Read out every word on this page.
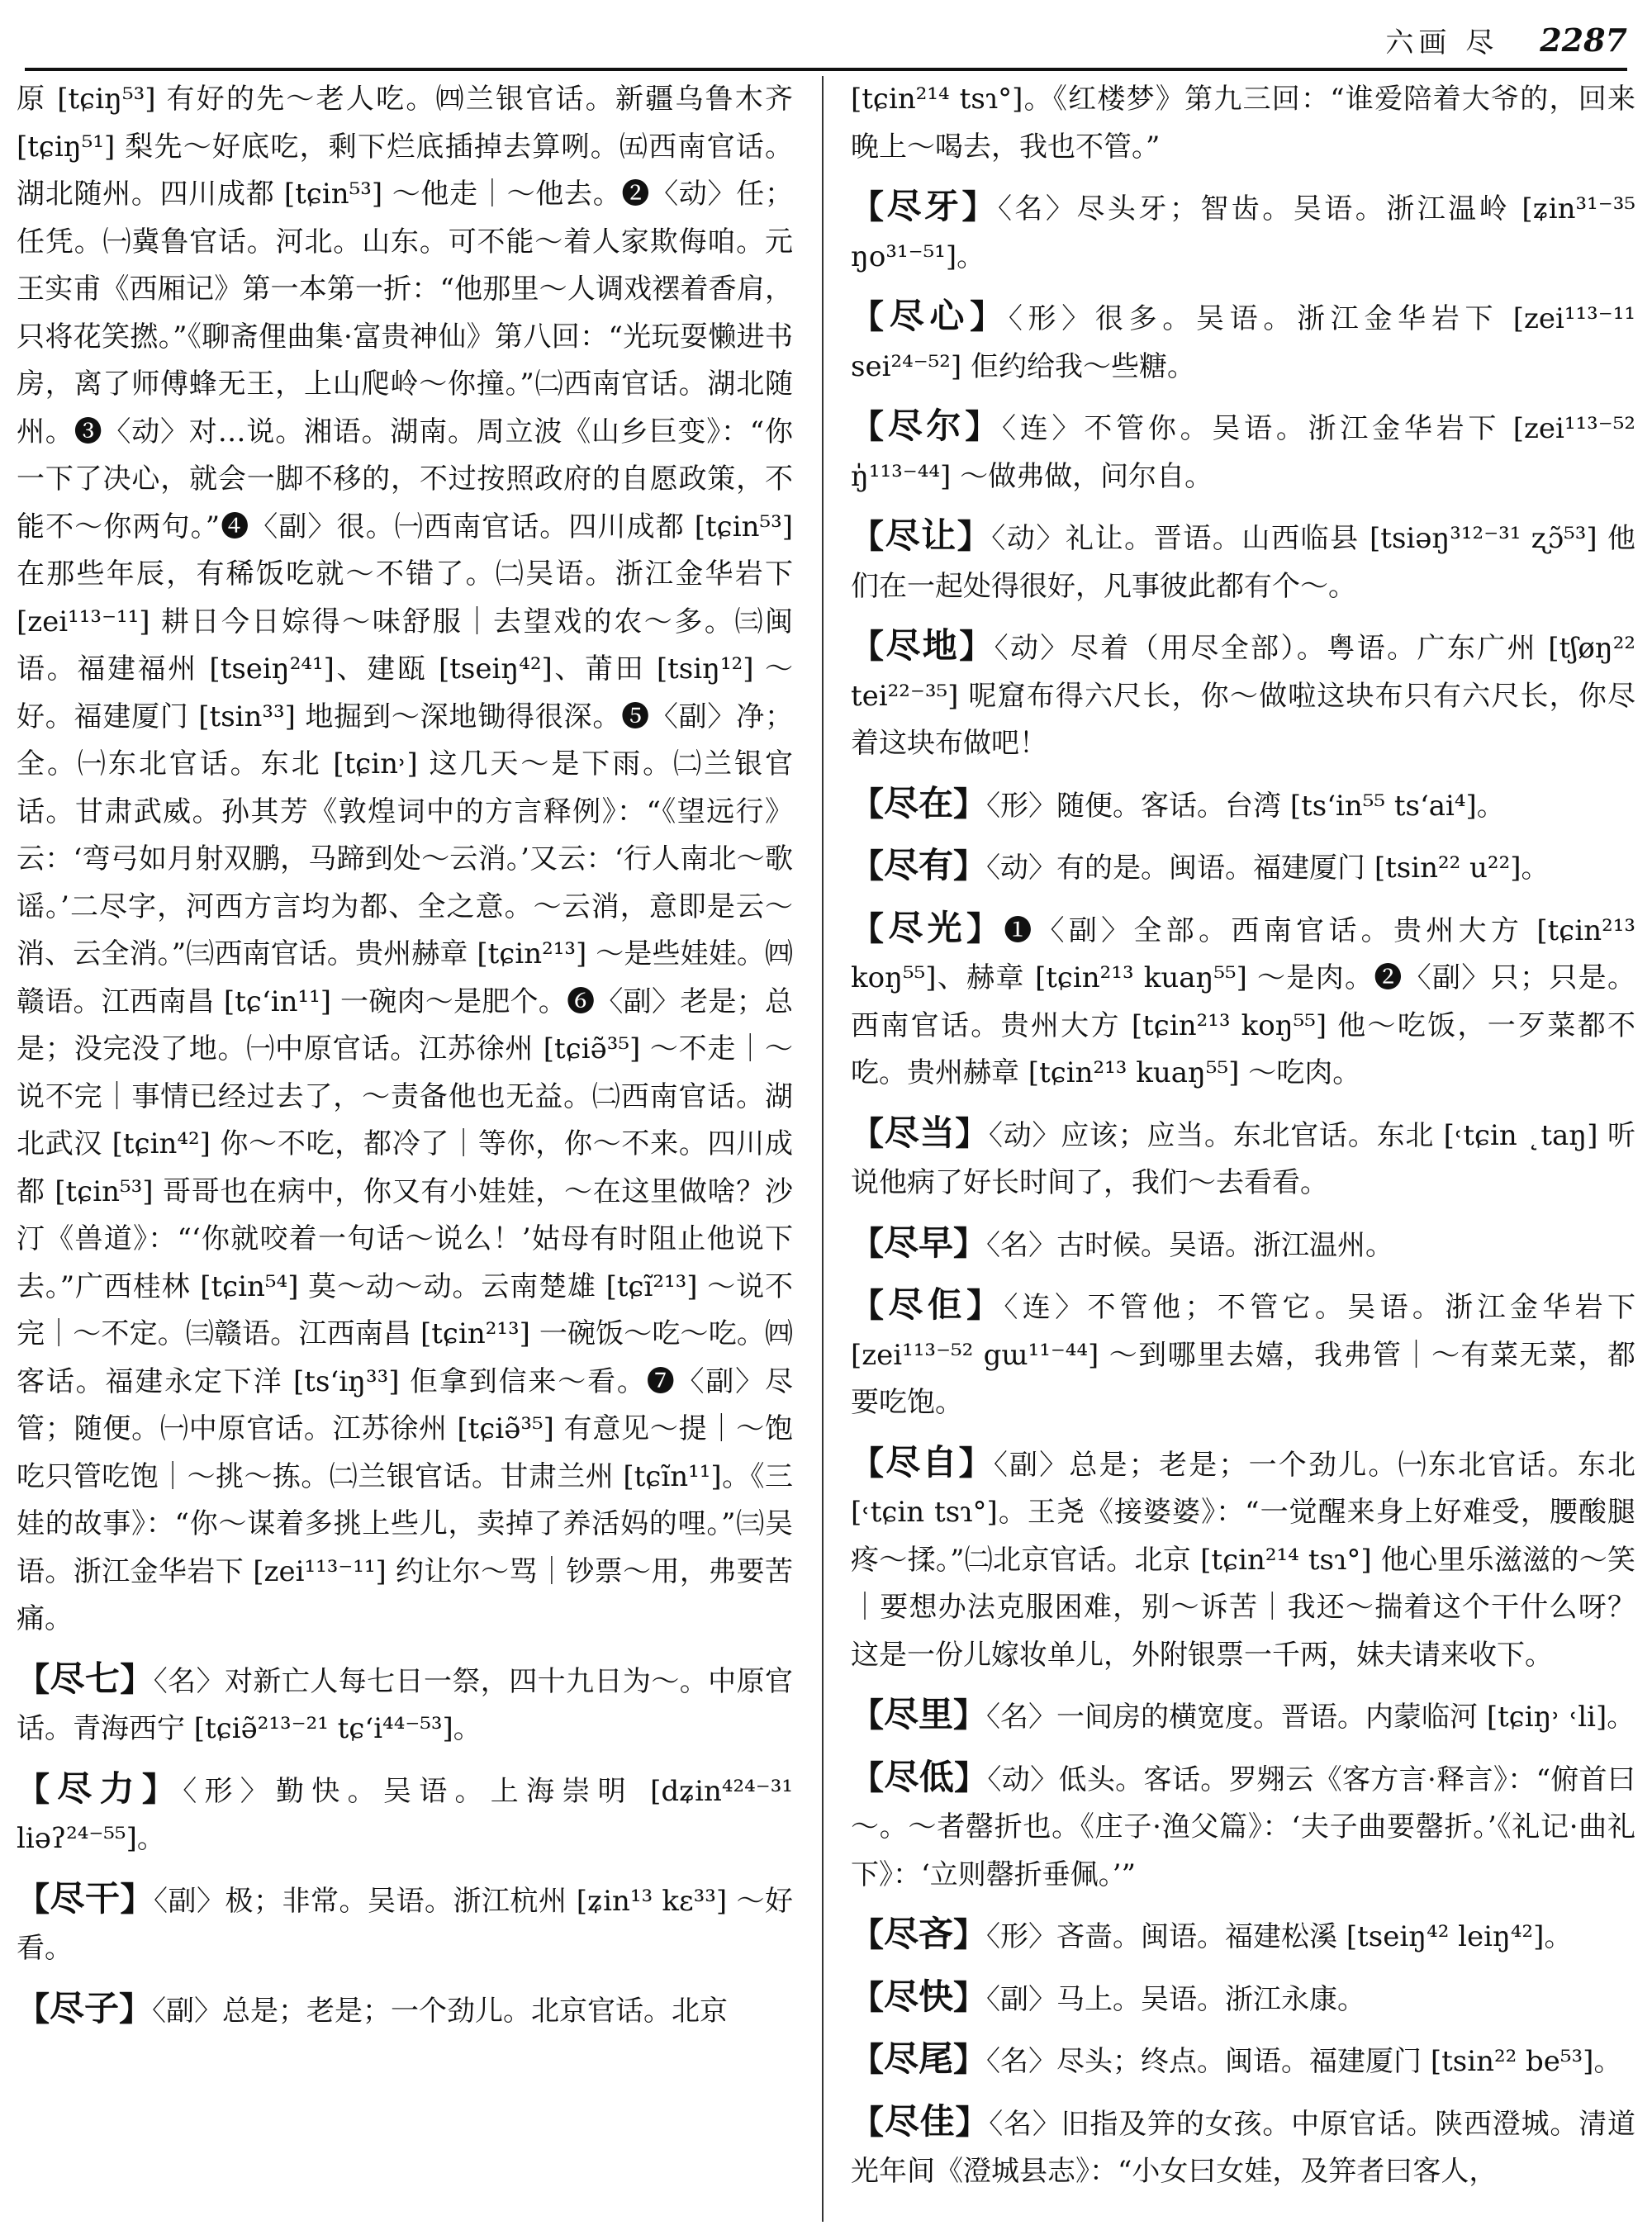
六画 尽 2287

原 [tɕiŋ⁵³] 有好的先～老人吃。㈣兰银官话。新疆乌鲁木齐 [tɕiŋ⁵¹] 梨先～好底吃，剩下烂底插掉去算咧。㈤西南官话。湖北随州。四川成都 [tɕin⁵³] ～他走｜～他去。❷〈动〉任；任凭。㈠冀鲁官话。河北。山东。可不能～着人家欺侮咱。元王实甫《西厢记》第一本第一折：“他那里～人调戏䙓着香肩，只将花笑撚。”《聊斋俚曲集·富贵神仙》第八回：“光玩耍懒进书房，离了师傅蜂无王，上山爬岭～你撞。”㈡西南官话。湖北随州。❸〈动〉对…说。湘语。湖南。周立波《山乡巨变》：“你一下了决心，就会一脚不移的，不过按照政府的自愿政策，不能不～你两句。”❹〈副〉很。㈠西南官话。四川成都 [tɕin⁵³] 在那些年辰，有稀饭吃就～不错了。㈡吴语。浙江金华岩下 [zei¹¹³⁻¹¹] 耕日今日婃得～味舒服｜去望戏的农～多。㈢闽语。福建福州 [tseiŋ²⁴¹]、建瓯 [tseiŋ⁴²]、莆田 [tsiŋ¹²] ～好。福建厦门 [tsin³³] 地掘到～深地锄得很深。❺〈副〉净；全。㈠东北官话。东北 [tɕin˒] 这几天～是下雨。㈡兰银官话。甘肃武威。孙其芳《敦煌词中的方言释例》：“《望远行》云：‘弯弓如月射双鹏，马蹄到处～云消。’又云：‘行人南北～歌谣。’二尽字，河西方言均为都、全之意。～云消，意即是云～消、云全消。”㈢西南官话。贵州赫章 [tɕin²¹³] ～是些娃娃。㈣赣语。江西南昌 [tɕʻin¹¹] 一碗肉～是肥个。❻〈副〉老是；总是；没完没了地。㈠中原官话。江苏徐州 [tɕiə̃³⁵] ～不走｜～说不完｜事情已经过去了，～责备他也无益。㈡西南官话。湖北武汉 [tɕin⁴²] 你～不吃，都冷了｜等你，你～不来。四川成都 [tɕin⁵³] 哥哥也在病中，你又有小娃娃，～在这里做啥？沙汀《兽道》：“‘你就咬着一句话～说么！’姑母有时阻止他说下去。”广西桂林 [tɕin⁵⁴] 莫～动～动。云南楚雄 [tɕĩ²¹³] ～说不完｜～不定。㈢赣语。江西南昌 [tɕin²¹³] 一碗饭～吃～吃。㈣客话。福建永定下洋 [tsʻiŋ³³] 佢拿到信来～看。❼〈副〉尽管；随便。㈠中原官话。江苏徐州 [tɕiə̃³⁵] 有意见～提｜～饱吃只管吃饱｜～挑～拣。㈡兰银官话。甘肃兰州 [tɕĩn¹¹]。《三娃的故事》：“你～谋着多挑上些儿，卖掉了养活妈的哩。”㈢吴语。浙江金华岩下 [zei¹¹³⁻¹¹] 约让尔～骂｜钞票～用，弗要苦痛。

【尽七】〈名〉对新亡人每七日一祭，四十九日为～。中原官话。青海西宁 [tɕiə̃²¹³⁻²¹ tɕʻi⁴⁴⁻⁵³]。

【尽力】〈形〉勤快。吴语。上海崇明 [dʑin⁴²⁴⁻³¹ liəʔ²⁴⁻⁵⁵]。

【尽干】〈副〉极；非常。吴语。浙江杭州 [ʑin¹³ kɛ³³] ～好看。

【尽子】〈副〉总是；老是；一个劲儿。北京官话。北京

[tɕin²¹⁴ tsɿ°]。《红楼梦》第九三回：“谁爱陪着大爷的，回来晚上～喝去，我也不管。”

【尽牙】〈名〉尽头牙；智齿。吴语。浙江温岭 [ʑin³¹⁻³⁵ ŋo³¹⁻⁵¹]。

【尽心】〈形〉很多。吴语。浙江金华岩下 [zei¹¹³⁻¹¹ sei²⁴⁻⁵²] 佢约给我～些糖。

【尽尔】〈连〉不管你。吴语。浙江金华岩下 [zei¹¹³⁻⁵² ŋ̍¹¹³⁻⁴⁴] ～做弗做，问尔自。

【尽让】〈动〉礼让。晋语。山西临县 [tsiəŋ³¹²⁻³¹ ʐɔ̃⁵³] 他们在一起处得很好，凡事彼此都有个～。

【尽地】〈动〉尽着（用尽全部）。粤语。广东广州 [tʃøŋ²² tei²²⁻³⁵] 呢窟布得六尺长，你～做啦这块布只有六尺长，你尽着这块布做吧！

【尽在】〈形〉随便。客话。台湾 [tsʻin⁵⁵ tsʻai⁴]。

【尽有】〈动〉有的是。闽语。福建厦门 [tsin²² u²²]。

【尽光】❶〈副〉全部。西南官话。贵州大方 [tɕin²¹³ koŋ⁵⁵]、赫章 [tɕin²¹³ kuaŋ⁵⁵] ～是肉。❷〈副〉只；只是。西南官话。贵州大方 [tɕin²¹³ koŋ⁵⁵] 他～吃饭，一歹菜都不吃。贵州赫章 [tɕin²¹³ kuaŋ⁵⁵] ～吃肉。

【尽当】〈动〉应该；应当。东北官话。东北 [˓tɕin ˛taŋ] 听说他病了好长时间了，我们～去看看。

【尽早】〈名〉古时候。吴语。浙江温州。

【尽佢】〈连〉不管他；不管它。吴语。浙江金华岩下 [zei¹¹³⁻⁵² gɯ¹¹⁻⁴⁴] ～到哪里去嬉，我弗管｜～有菜无菜，都要吃饱。

【尽自】〈副〉总是；老是；一个劲儿。㈠东北官话。东北 [˓tɕin tsɿ°]。王尧《接婆婆》：“一觉醒来身上好难受，腰酸腿疼～揉。”㈡北京官话。北京 [tɕin²¹⁴ tsɿ°] 他心里乐滋滋的～笑｜要想办法克服困难，别～诉苦｜我还～揣着这个干什么呀？这是一份儿嫁妆单儿，外附银票一千两，妹夫请来收下。

【尽里】〈名〉一间房的横宽度。晋语。内蒙临河 [tɕiŋ˒ ˓li]。

【尽低】〈动〉低头。客话。罗翙云《客方言·释言》：“俯首曰～。～者罄折也。《庄子·渔父篇》：‘夫子曲要罄折。’《礼记·曲礼下》：‘立则罄折垂佩。’”

【尽吝】〈形〉吝啬。闽语。福建松溪 [tseiŋ⁴² leiŋ⁴²]。

【尽快】〈副〉马上。吴语。浙江永康。

【尽尾】〈名〉尽头；终点。闽语。福建厦门 [tsin²² be⁵³]。

【尽佳】〈名〉旧指及笄的女孩。中原官话。陕西澄城。清道光年间《澄城县志》：“小女曰女娃，及笄者曰客人，
